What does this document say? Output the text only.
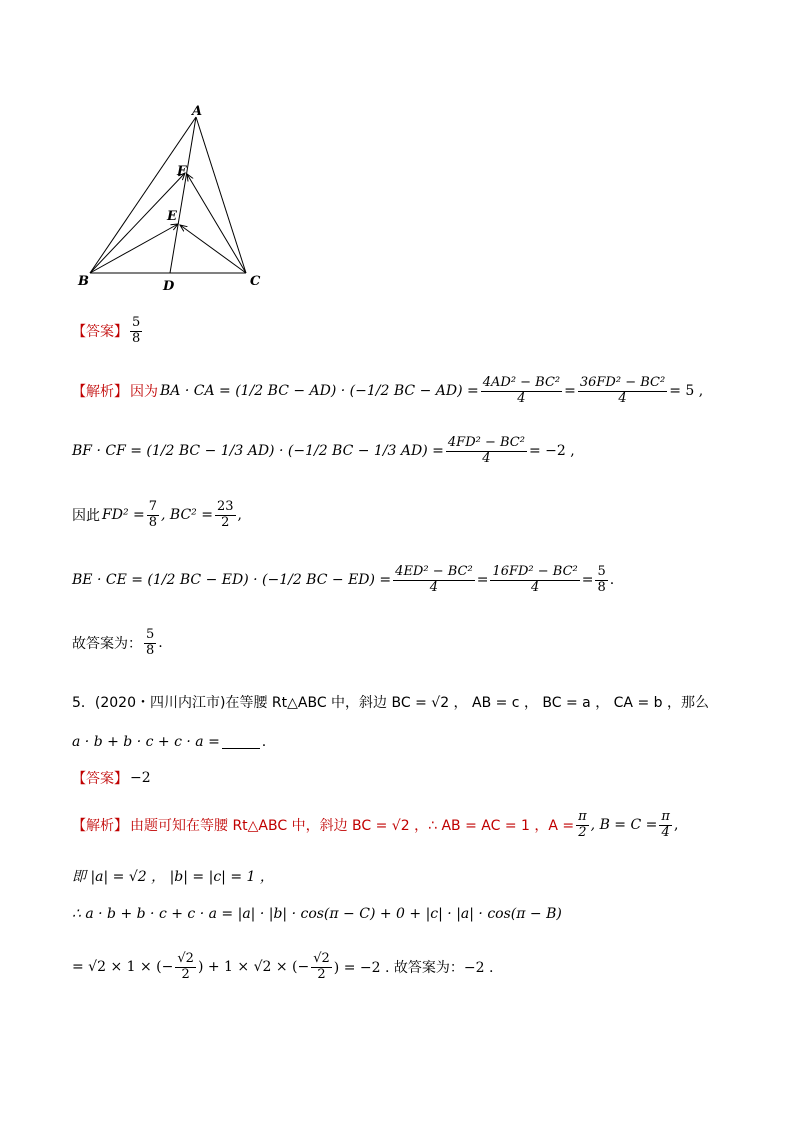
A
F
E
B	D	C
【答案】 $\frac{5}{8}$
【解析】 因为 BA · CA = (1/2 BC − AD) · (−1/2 BC − $AD) = \frac{\text{4AD² − BC²}}{4} = \frac{\text{36FD² − BC²}}{4} = 5$ ,
BF · CF = (1/2 BC − 1/3 AD) · (−1/2 BC − 1/3 $AD) = \frac{\text{4FD² − BC²}}{4} = -2$ ,
因此 $FD^2 = \frac{7}{8}$ , $BC^2 = \frac{23}{2}$ ,
BE · CE = (1/2 BC − ED) · (−1/2 BC − $ED) = \frac{\text{4ED² − BC²}}{4} = \frac{\text{16FD² − BC²}}{4} = \frac{5}{8}$ .
故答案为： $\frac{5}{8}$ .
5．(2020・四川内江市)在等腰 Rt△ABC 中，斜边 BC = √2 ， AB = c ， BC = a ， CA = b ，那么
a · b + b · c + c · a =	.
【答案】 −2
【解析】 由题可知在等腰 Rt△ABC 中，斜边 BC = √2 ，∴ AB = AC = 1 ，$A = \frac{\pi}{2}$ , $B = C = \frac{\pi}{4}$ ,
即 |a| = √2 ， |b| = |c| = 1 ，
∴ a · b + b · c + c · a = |a| · |b| · cos(π − C) + 0 + |c| · |a| · cos(π − B)
= √2 × 1 × (− $\frac{√2}{2}$ ) + 1 × √2 × (− $\frac{√2}{2}$ ) = −2 . 故答案为：−2 .
